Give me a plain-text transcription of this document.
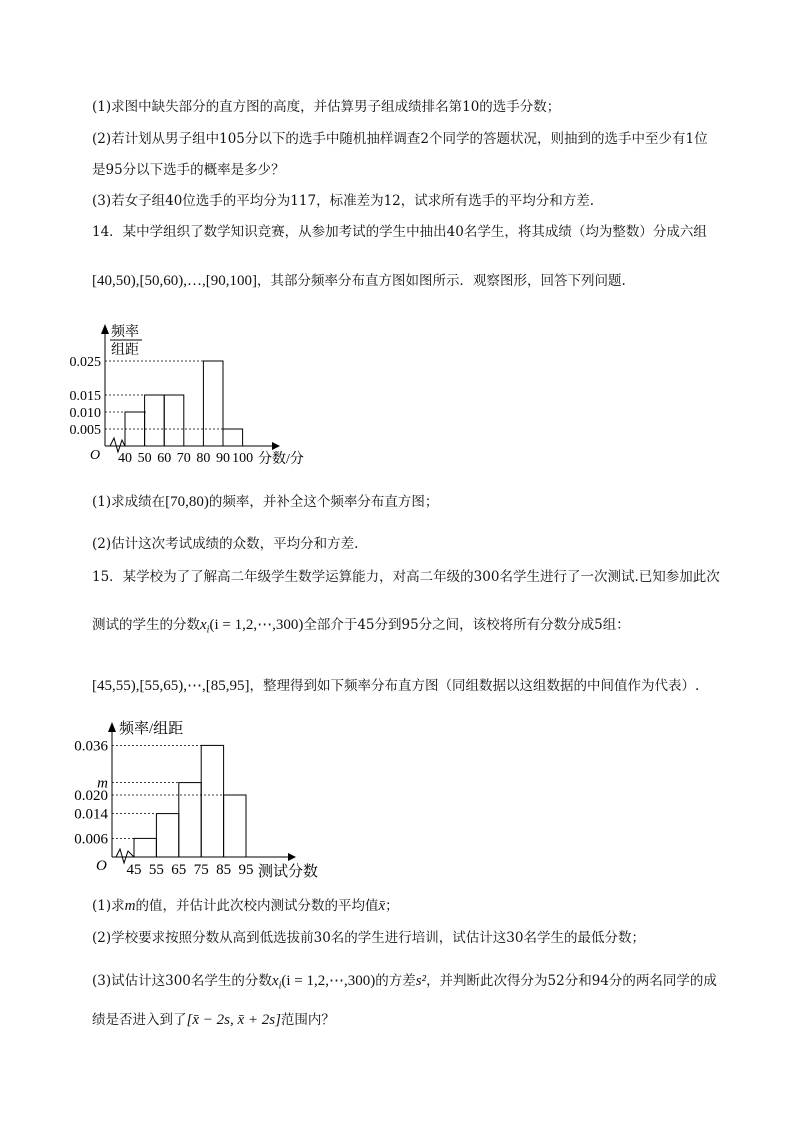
(1)求图中缺失部分的直方图的高度，并估算男子组成绩排名第10的选手分数；
(2)若计划从男子组中105分以下的选手中随机抽样调查2个同学的答题状况，则抽到的选手中至少有1位
是95分以下选手的概率是多少？
(3)若女子组40位选手的平均分为117，标准差为12，试求所有选手的平均分和方差.
14．某中学组织了数学知识竞赛，从参加考试的学生中抽出40名学生，将其成绩（均为整数）分成六组
[40,50),[50,60),…,[90,100]，其部分频率分布直方图如图所示．观察图形，回答下列问题.
频率
组距
O
0.025
0.015
0.010
0.005
40 50 60 70 80 90 100 分数/分
(1)求成绩在[70,80)的频率，并补全这个频率分布直方图；
(2)估计这次考试成绩的众数，平均分和方差.
15．某学校为了了解高二年级学生数学运算能力，对高二年级的300名学生进行了一次测试.已知参加此次
测试的学生的分数$x_i(i$ = 1,2,⋯,300)全部介于45分到95分之间，该校将所有分数分成5组：
[45,55),[55,65),⋯,[85,95]，整理得到如下频率分布直方图（同组数据以这组数据的中间值作为代表）.
频率/组距
O
0.036
m
0.020
0.014
0.006
45 55 65 75 85 95 测试分数
(1)求m的值，并估计此次校内测试分数的平均值x̄；
(2)学校要求按照分数从高到低选拔前30名的学生进行培训，试估计这30名学生的最低分数；
(3)试估计这300名学生的分数$x_i(i$ = 1,2,⋯,300)的方差s²，并判断此次得分为52分和94分的两名同学的成
绩是否进入到了[x̄ − 2s, x̄ + 2s]范围内？
